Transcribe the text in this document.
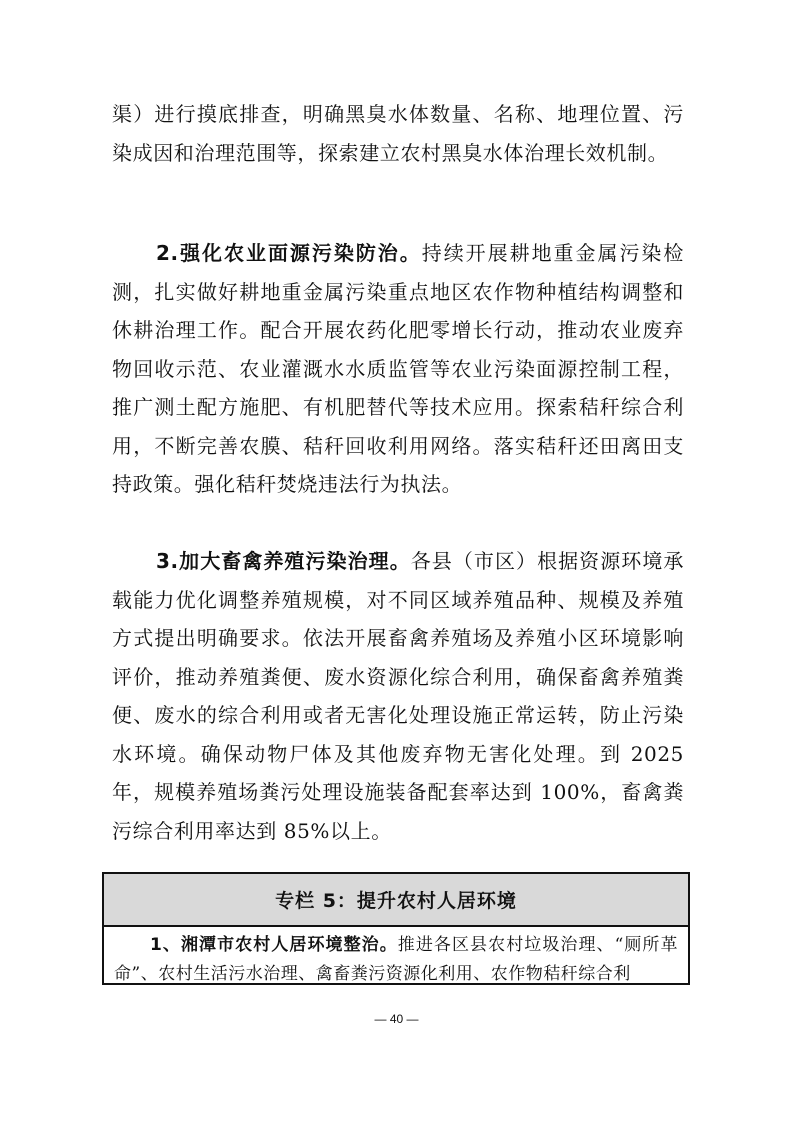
渠）进行摸底排查，明确黑臭水体数量、名称、地理位置、污染成因和治理范围等，探索建立农村黑臭水体治理长效机制。

2.强化农业面源污染防治。持续开展耕地重金属污染检测，扎实做好耕地重金属污染重点地区农作物种植结构调整和休耕治理工作。配合开展农药化肥零增长行动，推动农业废弃物回收示范、农业灌溉水水质监管等农业污染面源控制工程，推广测土配方施肥、有机肥替代等技术应用。探索秸秆综合利用，不断完善农膜、秸秆回收利用网络。落实秸秆还田离田支持政策。强化秸秆焚烧违法行为执法。

3.加大畜禽养殖污染治理。各县（市区）根据资源环境承载能力优化调整养殖规模，对不同区域养殖品种、规模及养殖方式提出明确要求。依法开展畜禽养殖场及养殖小区环境影响评价，推动养殖粪便、废水资源化综合利用，确保畜禽养殖粪便、废水的综合利用或者无害化处理设施正常运转，防止污染水环境。确保动物尸体及其他废弃物无害化处理。到 2025 年，规模养殖场粪污处理设施装备配套率达到 100%，畜禽粪污综合利用率达到 85%以上。

专栏 5：提升农村人居环境
1、湘潭市农村人居环境整治。推进各区县农村垃圾治理、“厕所革命”、农村生活污水治理、禽畜粪污资源化利用、农作物秸秆综合利
— 40 —
